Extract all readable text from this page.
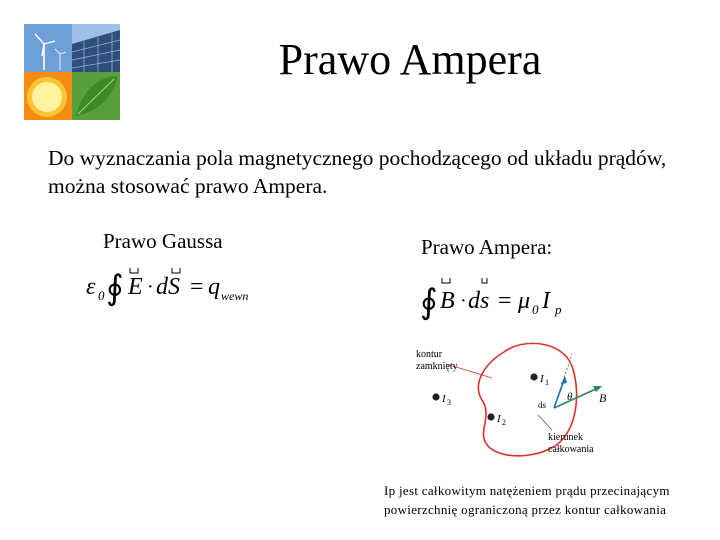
Prawo Ampera
Do wyznaczania pola magnetycznego pochodzącego od układu prądów, można stosować prawo Ampera.
Prawo Gaussa	Prawo Ampera:
ε 0 ∮ E · dS = q wewn	∮ B · ds = μ 0 I p
kontur
zamknięty
I 1
I 2
I 3	θ
ds	B
kierunek
całkowania
Ip jest całkowitym natężeniem prądu przecinającym powierzchnię ograniczoną przez kontur całkowania
